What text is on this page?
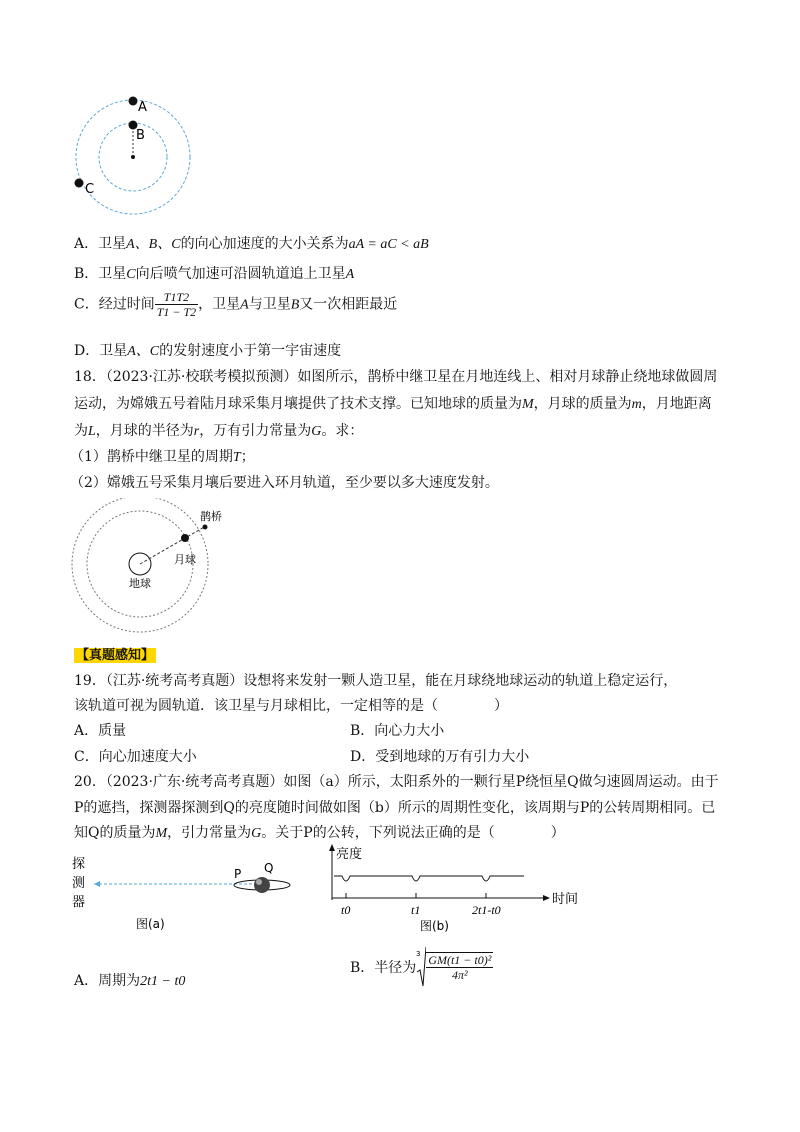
A
B
C
A．卫星A、B、C的向心加速度的大小关系为aA = aC < aB
B．卫星C向后喷气加速可沿圆轨道追上卫星A
C．经过时间 $\frac{T1T2}{T1 - T2}$ ，卫星A与卫星B又一次相距最近
D．卫星A、C的发射速度小于第一宇宙速度
18．（2023·江苏·校联考模拟预测）如图所示，鹊桥中继卫星在月地连线上、相对月球静止绕地球做圆周
运动，为嫦娥五号着陆月球采集月壤提供了技术支撑。已知地球的质量为M，月球的质量为m，月地距离
为L，月球的半径为r，万有引力常量为G。求：
（1）鹊桥中继卫星的周期T；
（2）嫦娥五号采集月壤后要进入环月轨道，至少要以多大速度发射。
鹊桥
月球
地球
【真题感知】
19．（江苏·统考高考真题）设想将来发射一颗人造卫星，能在月球绕地球运动的轨道上稳定运行，
该轨道可视为圆轨道．该卫星与月球相比，一定相等的是（　　　　）
A．质量	B．向心力大小
C．向心加速度大小	D．受到地球的万有引力大小
20．（2023·广东·统考高考真题）如图（a）所示，太阳系外的一颗行星P绕恒星Q做匀速圆周运动。由于
P的遮挡，探测器探测到Q的亮度随时间做如图（b）所示的周期性变化，该周期与P的公转周期相同。已
知Q的质量为M，引力常量为G。关于P的公转，下列说法正确的是（　　　　）
探
测
器
P Q
图(a)
亮度
时间
t0	t1	2t1-t0
图(b)
A．周期为2t1 − t0
B．半径为
$3 \frac{\text{GM(t1 − t0)²}}{\text{4π²}}$
